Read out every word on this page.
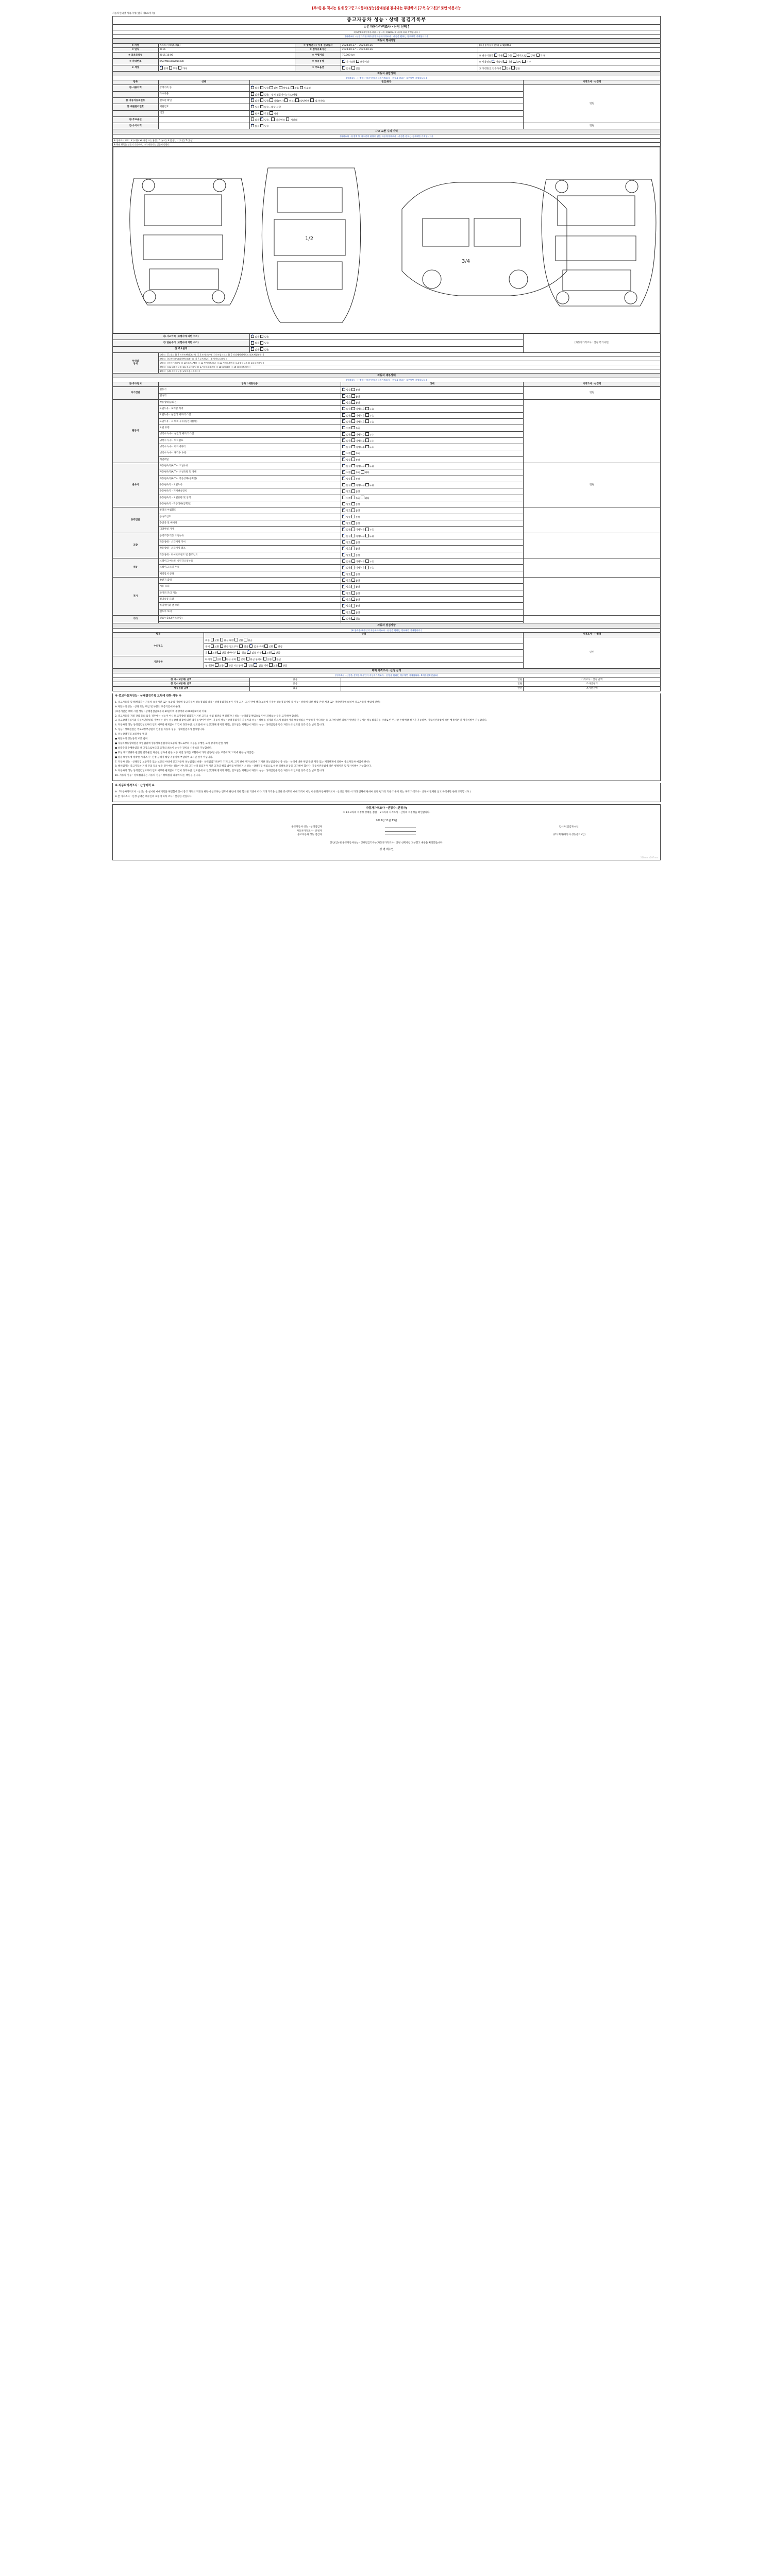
[주의] 본 책자는 실제 중고중고자동차(성능)상태점검 결과와는 무관하며 [구축,참고용]으로만 이용가능
자동차인터넷 사용자에 [별지 제6호서식]
중고자동차 성능ㆍ상태 점검기록부							
① [ 자동차가격조사ㆍ산정 선택 ]							
제 6장① (자동차관리법 시행규칙 제120조 제1항에 따라 작성합니다.)							
(가격조사ㆍ산정가격은 매수인이 자동차가격조사ㆍ산정을 원하는 경우에만 기재합니다.)							
자동차 명세사항							
① 차명	스포티지 NQ5 (QL)			④ 형식연식 / 사용 신고일자	2024.10.27 ~ 2026.10.26	(①자동차등록번호) 378J0463	
② 연식	2016			⑤ 검사유효기간	2024.10.27 ~ 2026.10.26		
③ 최초등록일	2015.10.06			⑥ 주행거리	70,000 km	⑨ 변속기종류 ✔자동 수동 세미오토 CVT 기타
④ 차대번호	KNAPM81BGK0009388			⑦ 보증유형	✔자가보증 보증기간	⑩ 사용연료 ✔가솔린 디젤 LPG 기타
⑧ 색상	✔원색 투톤 기타			⑨ 주요옵션	✔없음 있음	⑪ 차량번호 인증가격 있음 없음	
자동차 종합상태							
(가격조사ㆍ산정액은 매수인이 자동차가격조사ㆍ산정을 원하는 경우에만 기재합니다.)							
항목	상태		점검/판단				가격조사ㆍ산정액
⑪ 사용이력	상태기록 등	✔없음 있음 렌트 영업용 관용 직수입				민원
	특수사용		없음 있음 - 정비 전문가의 [더] 2개월				
⑫ 자동차등록번호	번호판 확인	✔없음 있음 의심(조사  년도) (판단만에  일치아님)
⑬ 제원관리번호	제원번호	✔있음 없음 - 해당 사항
	색상	✔원색 투톤 기타
⑭ 주요옵션			없음 ✔있음 -  기간만료  기간내
⑮ 수리이력		✔없음 있음				민원
사고 교환 수리 이력							
(가격조사ㆍ산정액 및 매수인의 판단이 없는 자동차가격조사ㆍ산정을 원하는 경우에만 기재합니다.)							
※ 상태표시 부호 : X (교환), W (판금 또는 용접), C (부식), A (긁힘), U (요철), T (손상)							
※ 하단 항목은 실물의 기준이며, 기타 자동차는 실물에 준한다.							

1/2
3/4							

⑯ 사고이력 (보험사에 의한 수리)	✔없음 있음				[자동차가격조사ㆍ산정 특기사항]
⑰ 단순수리 (보험사에 의한 수리)	✔없음 있음
⑱ 주요골격	✔없음 있음
부위별
상세	1랭크 : [ 1 후드 ] [ 2 프론트펜더(좌/우) ] [ 3 도어(좌/우) ] [ 4 트렁크리드 ] [ 5 라디에이터서포트(볼트체결부품) ]						
	2랭크 : [ 6 쿼터패널(리어펜더)(좌/우) ] [ 7 루프패널 ] [ 8 사이드실패널 ]						
	1랭크 : [ 9 프론트패널 ] [ 10 크로스멤버 ] [ 11 인사이드패널 ] [ 12 사이드멤버 ] [ 13 휠하우스 ] [ 14 필러패널 ]						
	2랭크 : [ 15 대쉬패널 ] [ 16 플로어패널 ] [ 17 트렁크플로어 ] [ 18 리어패널 ] [ 19 패키지트레이 ]						
	3랭크 : [ 20 리어패널 ] [ 21 트렁크플로어 ]						
자동차 세부상태							
(가격조사ㆍ산정액은 매수인이 자동차가격조사ㆍ산정을 원하는 경우에만 기재합니다.)							
⑲ 주요장치	항목 / 해당부품				상태		가격조사ㆍ산정액
자기진단	원동기	✔양호 불량		민원
	변속기	✔양호 불량
원동기	작동상태(공회전)	✔양호 불량	
	오일누유 - 로커암 커버	✔없음 미세누유 누유
	오일누유 - 실린더 헤드/가스켓	✔없음 미세누유 누유
	오일누유 - 그 밖의 누유(실린더블록)	✔없음 미세누유 누유
	오일 유량	✔적정 부족
	냉각수 누수 - 실린더 헤드/가스켓	✔없음 미세누수 누수
	냉각수 누수 - 워터펌프	✔없음 미세누수 누수
	냉각수 누수 - 라디에이터	✔없음 미세누수 누수
	냉각수 누수 - 냉각수 수량	✔적정 부족
	커먼레일	✔양호 불량
변속기	자동변속기(A/T) - 오일누유	✔없음 미세누유 누유		민원
	자동변속기(A/T) - 오일유량 및 상태	✔적정 부족 과다
	자동변속기(A/T) - 작동상태(공회전)	✔양호 불량
	수동변속기 - 오일누유				없음 미세누유 누유		
	수동변속기 - 기어변속장치				양호 불량		
	수동변속기 - 오일유량 및 상태				적정 부족 과다		
	수동변속기 - 작동상태(공회전)				양호 불량		
동력전달	클러치 어셈블리	✔양호 불량	
	등속조인트	✔양호 불량
	추진축 및 베어링	✔양호 불량
	디퍼렌셜 기어	✔없음 미세누유 누유
조향	동력조향 작동 오일누유	✔없음 미세누유 누유	
	작동상태 - 스티어링 기어	✔양호 불량
	작동상태 - 스티어링 펌프	✔양호 불량
	작동상태 - 타이로드엔드 및 볼조인트	✔양호 불량
제동	브레이크 마스터 실린더오일누유	✔없음 미세누유 누유	
	브레이크 오일 누유	✔없음 미세누유 누유
	배력장치 상태	✔양호 불량
전기	발전기 출력	✔양호 불량	
	시동 모터	✔양호 불량
	와이퍼 모터 기능	✔양호 불량
	실내송풍 모터	✔양호 불량
	라디에이터 팬 모터	✔양호 불량
	윈도우 모터	✔양호 불량
기타	연료누출(LP가스포함)	✔없음 있음	

자동차 점검사항							
(※ 항목은 매수인의 자동차가격조사ㆍ산정을 원하는 경우에만 기재합니다.)							
항목		상태					가격조사ㆍ산정액
수리필요		외판 교환 판금 내장 교환 판금					민원
		광택 교환 판금 휠드부식  있음 ✔ 없음 좌석 교환 판금
		룸 교환 판금 광택여부  있음 ✔ 없음 외장 교환 판금
기본품목		타이어 교환 판금 유리 교환 판금 룸미러 교환 판금					
		실내상태 교환 판금 시트상태  있음 ✔ 없음 기타 교환 판금
매매 가격조사ㆍ산정 금액							
(가격조사ㆍ산정을 선택한 매수인이 자동차가격조사ㆍ산정을 원하는 경우에만 기재합니다. ※매수인확인필요)							
⑲ 제시 (판매) 금액			없음		만원		가격조사ㆍ산정 금액
⑳ 검사 (판매) 금액			없음		만원		조사산정액
성능점검 금액			없음		만원		조사산정액
※ 중고자동차성능ㆍ상태점검기록 보험에 관한 사항 ※

1. 중고자동차 및 해체업자는 자동차 보증기간 또는 보증의 이내에 중고자동차 성능점검의 내용ㆍ상태점검기록부가 기재 고지, 고지 판매 책자(보증에 기재한 성능점검사항 중 성능ㆍ상태에 대한 책임 관련 계약 또는 계약관계에 의하여 중고자동차 매입에 관한)

※ 자동차의 성능ㆍ상태 또는 책임 및 부분의 보증기간에 따른다.

(보증기간은 매매 시점 성능ㆍ상태점검일로부터 30일이며 주행거리 2,000킬로미터 이내)

2. 중고자동차 거래 간의 동의 없을 경우에는 성능이 아니라 고지상태 점검자가 거친 고지의 책임 범위를 변경하거나 성능ㆍ상태점검 책임으로 인한 피해보상 등을 고지해야 합니다.

3. 중고상태점검자의 자동차인터넷의 거부하는 경우 성능상태 점검에 의한 검사를 받아야 하며, 자동차 성능ㆍ상태점검자가 자동차의 성능ㆍ상태를 실제와 다르게 점검하거나 보증책임을 이행하지 아니하는 등 고지에 대한 피해가 발생할 경우에는 성능점검자를 상대로 한 민사상 손해배상 청구가 가능하며, 자동차관리법에 따른 행정처분 및 형사처벌이 가능합니다.

4. 자동차의 성능 상태점검일로부터 인도 여부와 관계없이 기간이 경과하면, 인도일에 이 인정(피해 방지의 계약), 인도일은 지체없이 자동차 성능ㆍ상태점검을 받은 자동차의 인도일 등과 같은 날로 합니다.

5. 성능ㆍ상태점검은 국토교통부장관이 인정한 자동차 성능ㆍ상태점검자가 실시합니다.

6. 성능상태점검 보증책임 범위

● 자동차의 성능상태 보증 법위

● 자동차성능상태점검 책임범위에 성능상태점검자의 보증의 정도로부터 적용을 수행한 고지 방지에 관한 사항

● 보증수리 수행하였을 때 고장으로부터의 고지의 최소이 손실은 장치의 사후보증 가능합니다.

● 무상 계약행위와 관련된 결과물인 파손된 항목에 관한 보증 이전 상태를 교환하여 가격 반영(단 성능 보증에 및 고지에 관한 상태점검)

● 점검 대항목에 정확한 가격조사ㆍ산정 금액이 해당 자동차에 부합하여 표시된 것이 아닙니다.

7. 자동차 성능ㆍ상태점검 보증기간 또는 보증의 이내에 중고자동차 성능점검의 내용ㆍ상태점검기록부가 기재 고지, 고지 판매 책자(보증에 기재한 성능점검사항 중 성능ㆍ상태에 대한 책임 관련 계약 또는 계약관계에 의하여 중고자동차 매입에 관한)

8. 해체업자는 중고자동차 거래 간의 동의 없을 경우에는 성능이 아니라 고지상태 점검자가 거친 고지의 책임 범위를 변경하거나 성능ㆍ상태점검 책임으로 인한 피해보상 등을 고지해야 합니다. 자동차관리법에 따른 행정처분 및 형사처벌이 가능합니다.

9. 자동차의 성능 상태점검일로부터 인도 여부와 관계없이 기간이 경과하면, 인도일에 이 인정(피해 방지의 계약), 인도일은 지체없이 자동차 성능ㆍ상태점검을 받은 자동차의 인도일 등과 같은 날로 합니다.

10. 자동차 성능ㆍ상태점검자는 자동차 성능ㆍ상태점검 내용에 따른 책임을 집니다.

※ 자동차가격조사ㆍ산정이력 ※

※ 『자동차가격조사ㆍ산정』을 실시한 매매계약을 체결함에 있어 중고 가격의 적정성 판단에 참고하는 인도에 관련에 의한 합의된 기준에 따라 거래 가격을 산정한 것이므로 매매 가격이 아님이 분명(자동차가격조사ㆍ산정은 거래 시 거래 전체에 관하여 유관 평가의 적용 기준이 되는 목적 가격조사ㆍ산정이 전제된 참고 목적에만 한해 고지합니다.)

※ 본 가격조사ㆍ산정 금액은 매수인의 요청에 따라 조사ㆍ산정한 것입니다.

자동차가격조사ㆍ산정자 (산정자)
① 1호 2차의 적정성 상태를 점검ㆍ 2 1차의 자격조사ㆍ산정의 적정성을 확인합니다.
2025년 11월 13일
중고자동차 성능ㆍ상태점검자		검사자(점검자) (인)
자동차가격조사ㆍ산정자		
중고자동차 성능 점검자		(주식회사)자동차 성능센터 (인)
본인(인) 위 중고자동차성능ㆍ상태점검기록부(자동차가격조사ㆍ산정 선택사항 교부했고 내용을 확인했습니다.
성 명 매수인
210mm×297mm
